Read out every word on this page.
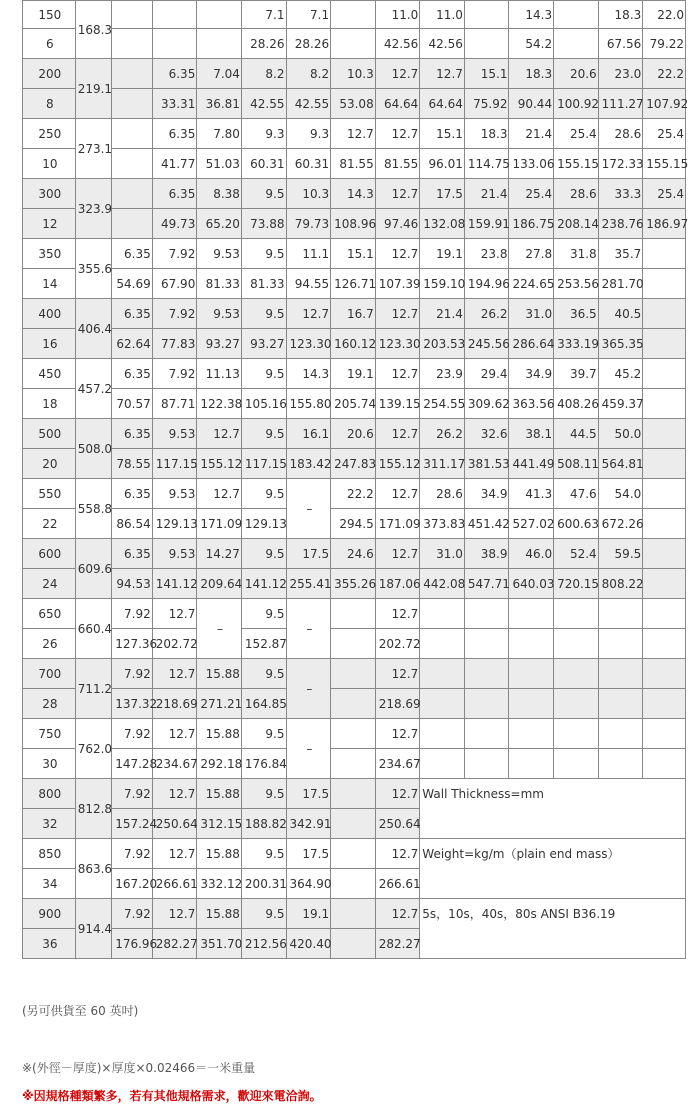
150	168.3				7.1	7.1		11.0	11.0		14.3		18.3	22.0
6					28.26	28.26		42.56	42.56		54.2		67.56	79.22
200	219.1		6.35	7.04	8.2	8.2	10.3	12.7	12.7	15.1	18.3	20.6	23.0	22.2
8			33.31	36.81	42.55	42.55	53.08	64.64	64.64	75.92	90.44	100.92	111.27	107.92
250	273.1		6.35	7.80	9.3	9.3	12.7	12.7	15.1	18.3	21.4	25.4	28.6	25.4
10			41.77	51.03	60.31	60.31	81.55	81.55	96.01	114.75	133.06	155.15	172.33	155.15
300	323.9		6.35	8.38	9.5	10.3	14.3	12.7	17.5	21.4	25.4	28.6	33.3	25.4
12			49.73	65.20	73.88	79.73	108.96	97.46	132.08	159.91	186.75	208.14	238.76	186.97
350	355.6	6.35	7.92	9.53	9.5	11.1	15.1	12.7	19.1	23.8	27.8	31.8	35.7	
14		54.69	67.90	81.33	81.33	94.55	126.71	107.39	159.10	194.96	224.65	253.56	281.70	
400	406.4	6.35	7.92	9.53	9.5	12.7	16.7	12.7	21.4	26.2	31.0	36.5	40.5	
16		62.64	77.83	93.27	93.27	123.30	160.12	123.30	203.53	245.56	286.64	333.19	365.35	
450	457.2	6.35	7.92	11.13	9.5	14.3	19.1	12.7	23.9	29.4	34.9	39.7	45.2	
18		70.57	87.71	122.38	105.16	155.80	205.74	139.15	254.55	309.62	363.56	408.26	459.37	
500	508.0	6.35	9.53	12.7	9.5	16.1	20.6	12.7	26.2	32.6	38.1	44.5	50.0	
20		78.55	117.15	155.12	117.15	183.42	247.83	155.12	311.17	381.53	441.49	508.11	564.81	
550	558.8	6.35	9.53	12.7	9.5	–	22.2	12.7	28.6	34.9	41.3	47.6	54.0	
22		86.54	129.13	171.09	129.13		294.5	171.09	373.83	451.42	527.02	600.63	672.26	
600	609.6	6.35	9.53	14.27	9.5	17.5	24.6	12.7	31.0	38.9	46.0	52.4	59.5	
24		94.53	141.12	209.64	141.12	255.41	355.26	187.06	442.08	547.71	640.03	720.15	808.22	
650	660.4	7.92	12.7	–	9.5	–		12.7						
26		127.36	202.72		152.87			202.72						
700	711.2	7.92	12.7	15.88	9.5	–		12.7						
28		137.32	218.69	271.21	164.85			218.69						
750	762.0	7.92	12.7	15.88	9.5	–		12.7						
30		147.28	234.67	292.18	176.84			234.67						
800	812.8	7.92	12.7	15.88	9.5	17.5		12.7	Wall Thickness=mm					
32		157.24	250.64	312.15	188.82	342.91		250.64						
850	863.6	7.92	12.7	15.88	9.5	17.5		12.7	Weight=kg/m（plain end mass）					
34		167.20	266.61	332.12	200.31	364.90		266.61						
900	914.4	7.92	12.7	15.88	9.5	19.1		12.7	5s，10s，40s，80s ANSI B36.19					
36		176.96	282.27	351.70	212.56	420.40		282.27						
(另可供貨至 60 英吋)
※(外徑－厚度)×厚度×0.02466＝一米重量
※因規格種類繁多，若有其他規格需求，歡迎來電洽詢。
